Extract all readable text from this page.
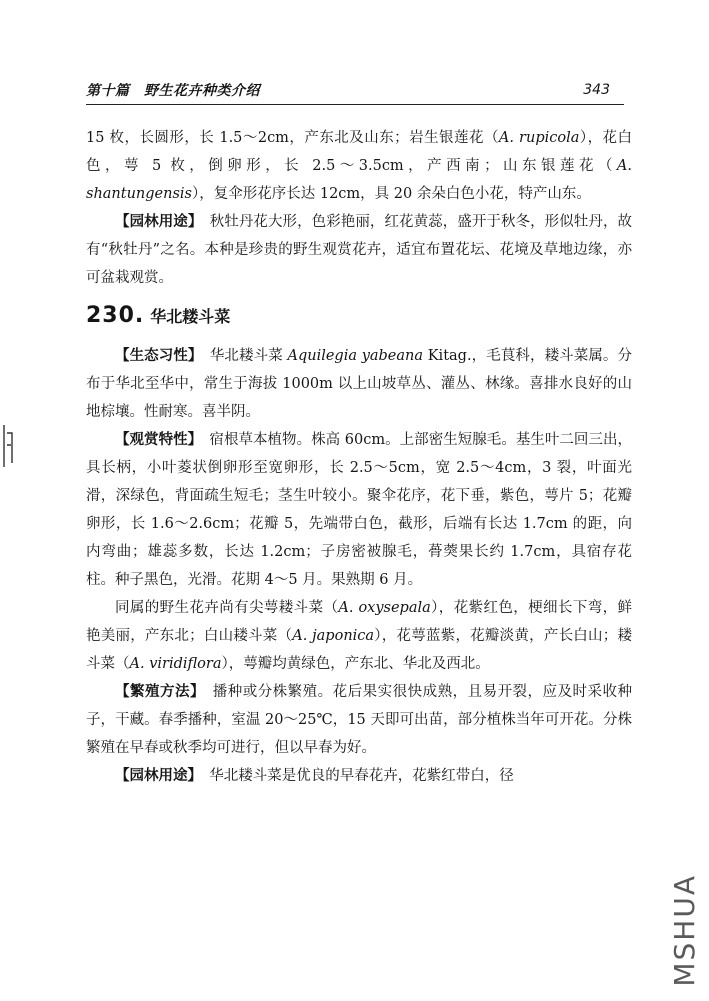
第十篇　野生花卉种类介绍	343

15 枚，长圆形，长 1.5～2cm，产东北及山东；岩生银莲花（A. rupicola），花白色，萼 5 枚，倒卵形，长 2.5～3.5cm，产西南；山东银莲花（A. shantungensis），复伞形花序长达 12cm，具 20 余朵白色小花，特产山东。

【园林用途】　秋牡丹花大形，色彩艳丽，红花黄蕊，盛开于秋冬，形似牡丹，故有“秋牡丹”之名。本种是珍贵的野生观赏花卉，适宜布置花坛、花境及草地边缘，亦可盆栽观赏。

230. 华北耧斗菜

【生态习性】　华北耧斗菜 Aquilegia yabeana Kitag.，毛茛科，耧斗菜属。分布于华北至华中，常生于海拔 1000m 以上山坡草丛、灌丛、林缘。喜排水良好的山地棕壤。性耐寒。喜半阴。

【观赏特性】　宿根草本植物。株高 60cm。上部密生短腺毛。基生叶二回三出，具长柄，小叶菱状倒卵形至宽卵形，长 2.5～5cm，宽 2.5～4cm，3 裂，叶面光滑，深绿色，背面疏生短毛；茎生叶较小。聚伞花序，花下垂，紫色，萼片 5；花瓣卵形，长 1.6～2.6cm；花瓣 5，先端带白色，截形，后端有长达 1.7cm 的距，向内弯曲；雄蕊多数，长达 1.2cm；子房密被腺毛，蓇葖果长约 1.7cm，具宿存花柱。种子黑色，光滑。花期 4～5 月。果熟期 6 月。

同属的野生花卉尚有尖萼耧斗菜（A. oxysepala），花紫红色，梗细长下弯，鲜艳美丽，产东北；白山耧斗菜（A. japonica），花萼蓝紫，花瓣淡黄，产长白山；耧斗菜（A. viridiflora），萼瓣均黄绿色，产东北、华北及西北。

【繁殖方法】　播种或分株繁殖。花后果实很快成熟，且易开裂，应及时采收种子，干藏。春季播种，室温 20～25℃，15 天即可出苗，部分植株当年可开花。分株繁殖在早春或秋季均可进行，但以早春为好。

【园林用途】　华北耧斗菜是优良的早春花卉，花紫红带白，径

MSHUA
